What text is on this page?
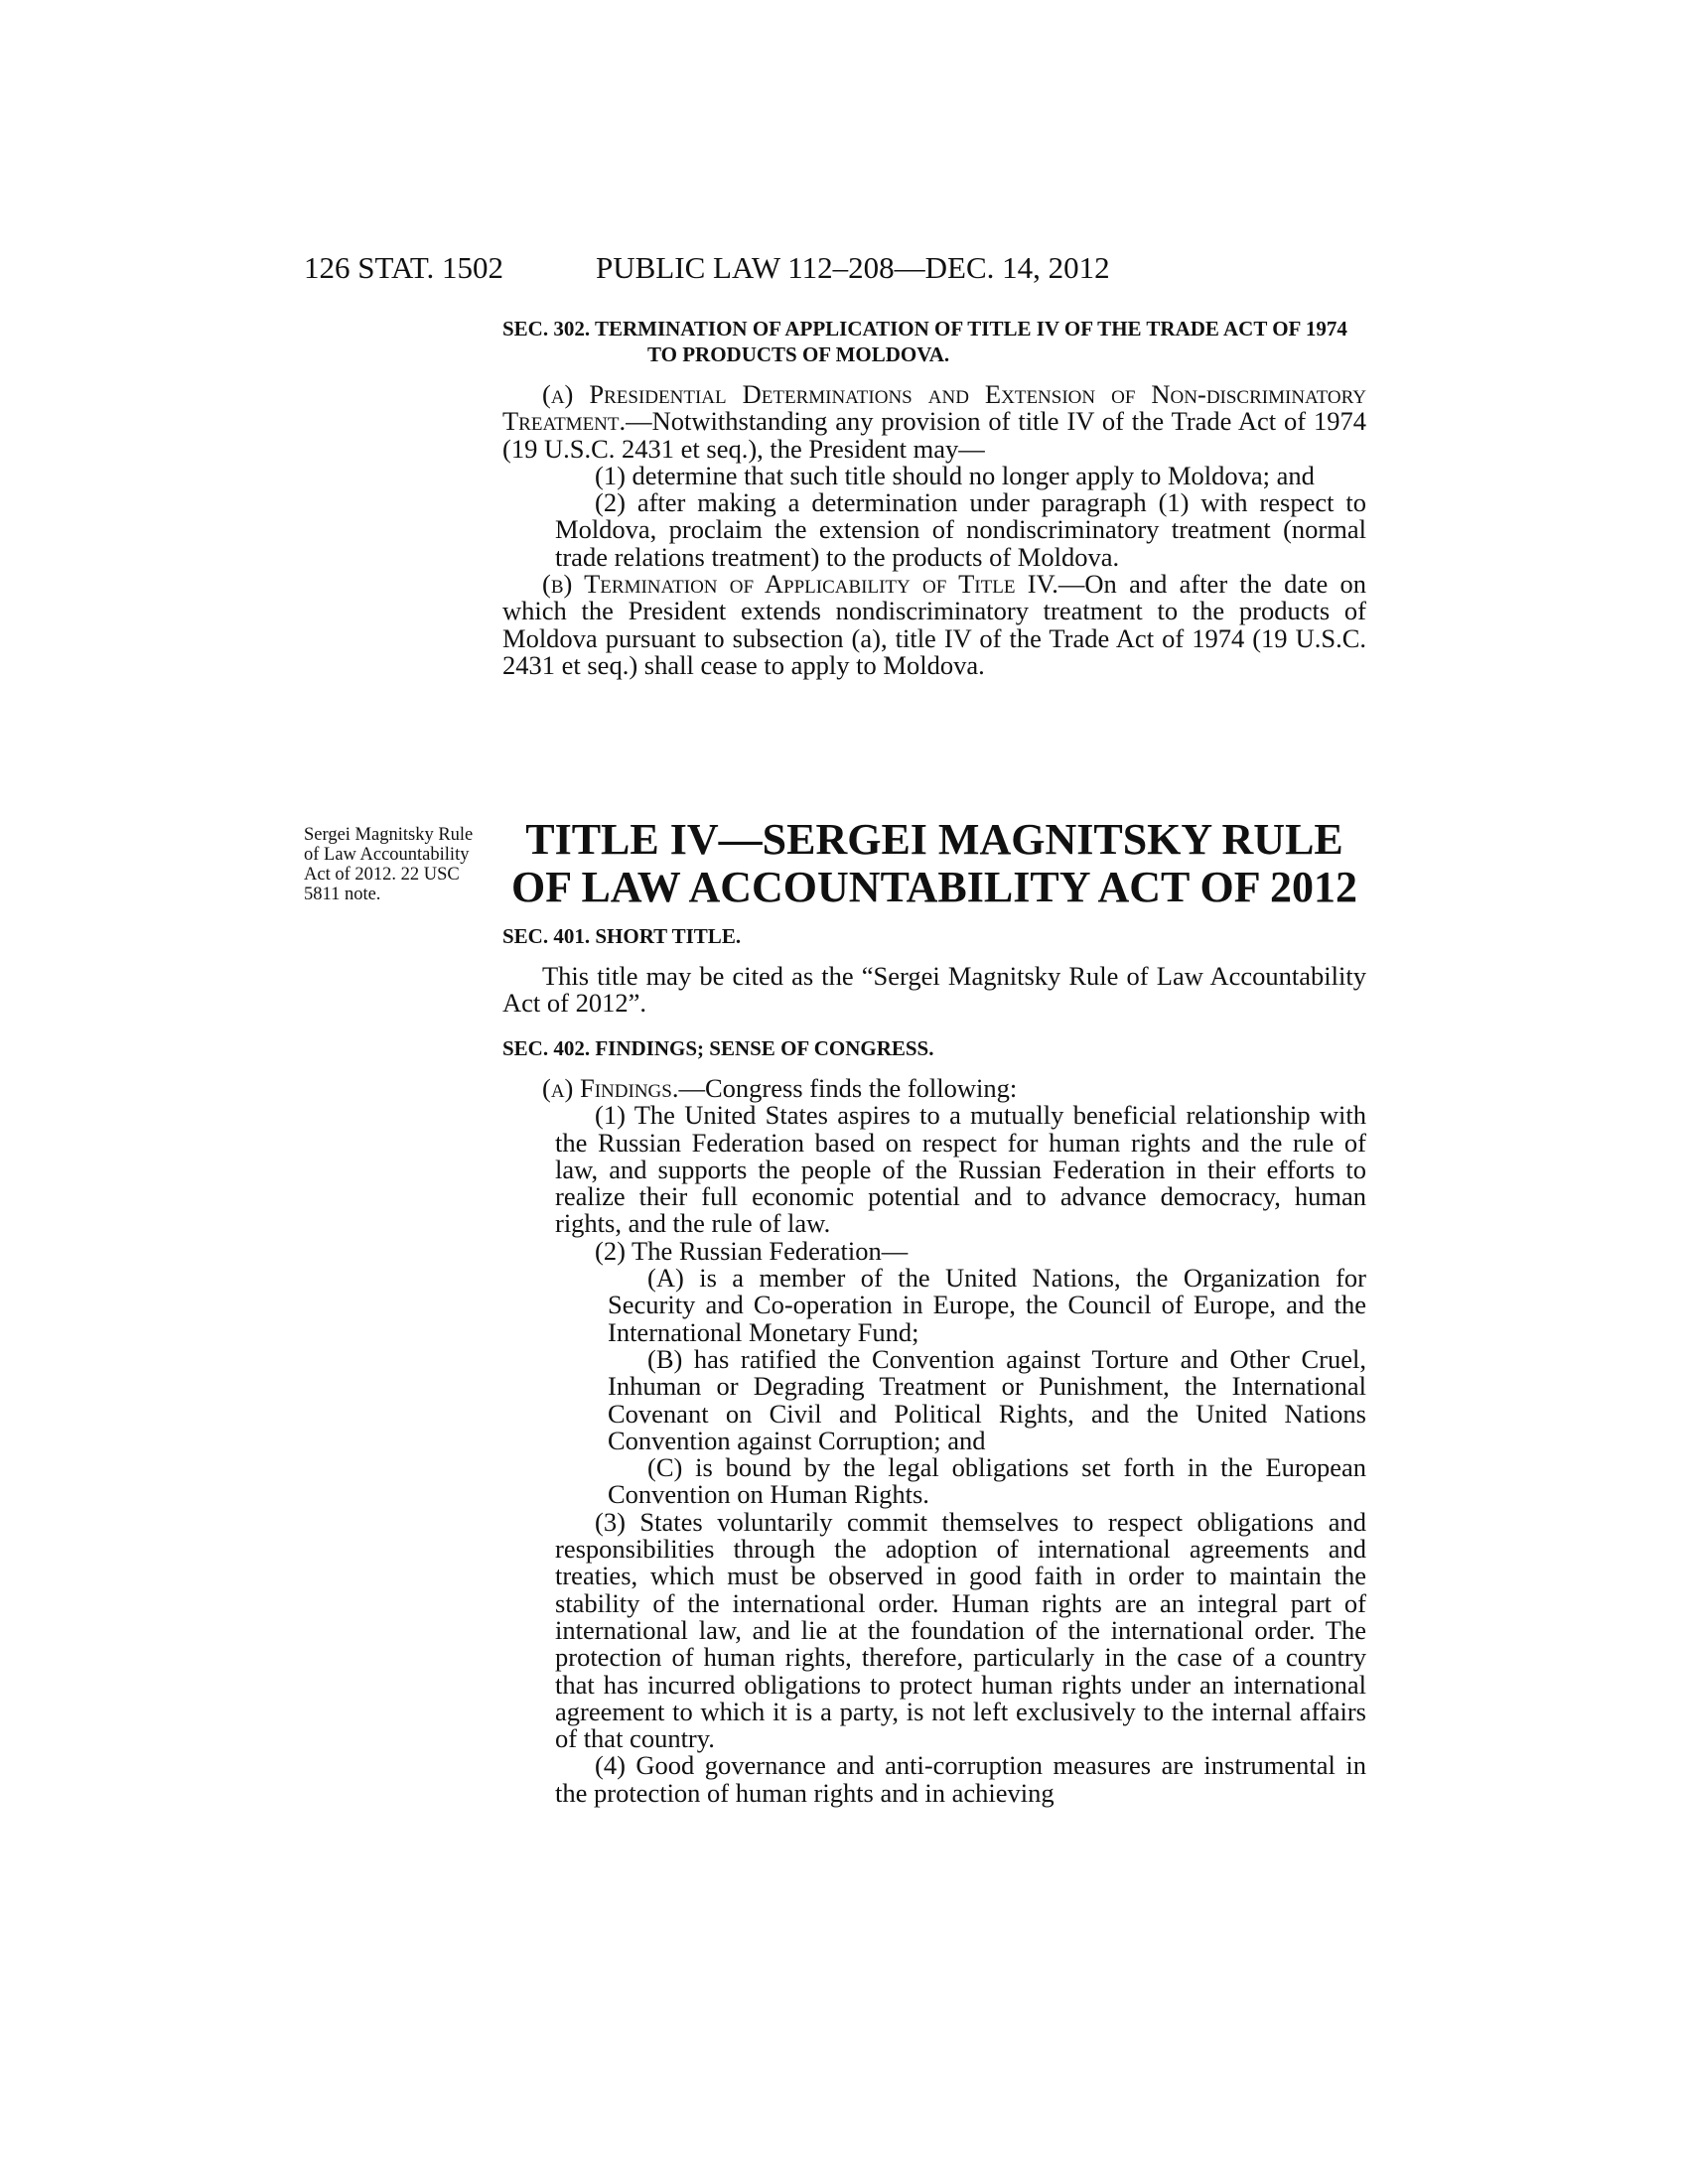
126 STAT. 1502	PUBLIC LAW 112–208—DEC. 14, 2012

SEC. 302. TERMINATION OF APPLICATION OF TITLE IV OF THE TRADE ACT OF 1974 TO PRODUCTS OF MOLDOVA.

(a) Presidential Determinations and Extension of Non-discriminatory Treatment.—Notwithstanding any provision of title IV of the Trade Act of 1974 (19 U.S.C. 2431 et seq.), the President may—

(1) determine that such title should no longer apply to Moldova; and

(2) after making a determination under paragraph (1) with respect to Moldova, proclaim the extension of nondiscriminatory treatment (normal trade relations treatment) to the products of Moldova.

(b) Termination of Applicability of Title IV.—On and after the date on which the President extends nondiscriminatory treatment to the products of Moldova pursuant to subsection (a), title IV of the Trade Act of 1974 (19 U.S.C. 2431 et seq.) shall cease to apply to Moldova.

Sergei Magnitsky Rule of Law Accountability Act of 2012. 22 USC 5811 note.
TITLE IV—SERGEI MAGNITSKY RULE OF LAW ACCOUNTABILITY ACT OF 2012

SEC. 401. SHORT TITLE.

This title may be cited as the “Sergei Magnitsky Rule of Law Accountability Act of 2012”.

SEC. 402. FINDINGS; SENSE OF CONGRESS.

(a) Findings.—Congress finds the following:

(1) The United States aspires to a mutually beneficial relationship with the Russian Federation based on respect for human rights and the rule of law, and supports the people of the Russian Federation in their efforts to realize their full economic potential and to advance democracy, human rights, and the rule of law.

(2) The Russian Federation—

(A) is a member of the United Nations, the Organization for Security and Co-operation in Europe, the Council of Europe, and the International Monetary Fund;

(B) has ratified the Convention against Torture and Other Cruel, Inhuman or Degrading Treatment or Punishment, the International Covenant on Civil and Political Rights, and the United Nations Convention against Corruption; and

(C) is bound by the legal obligations set forth in the European Convention on Human Rights.

(3) States voluntarily commit themselves to respect obligations and responsibilities through the adoption of international agreements and treaties, which must be observed in good faith in order to maintain the stability of the international order. Human rights are an integral part of international law, and lie at the foundation of the international order. The protection of human rights, therefore, particularly in the case of a country that has incurred obligations to protect human rights under an international agreement to which it is a party, is not left exclusively to the internal affairs of that country.

(4) Good governance and anti-corruption measures are instrumental in the protection of human rights and in achieving
